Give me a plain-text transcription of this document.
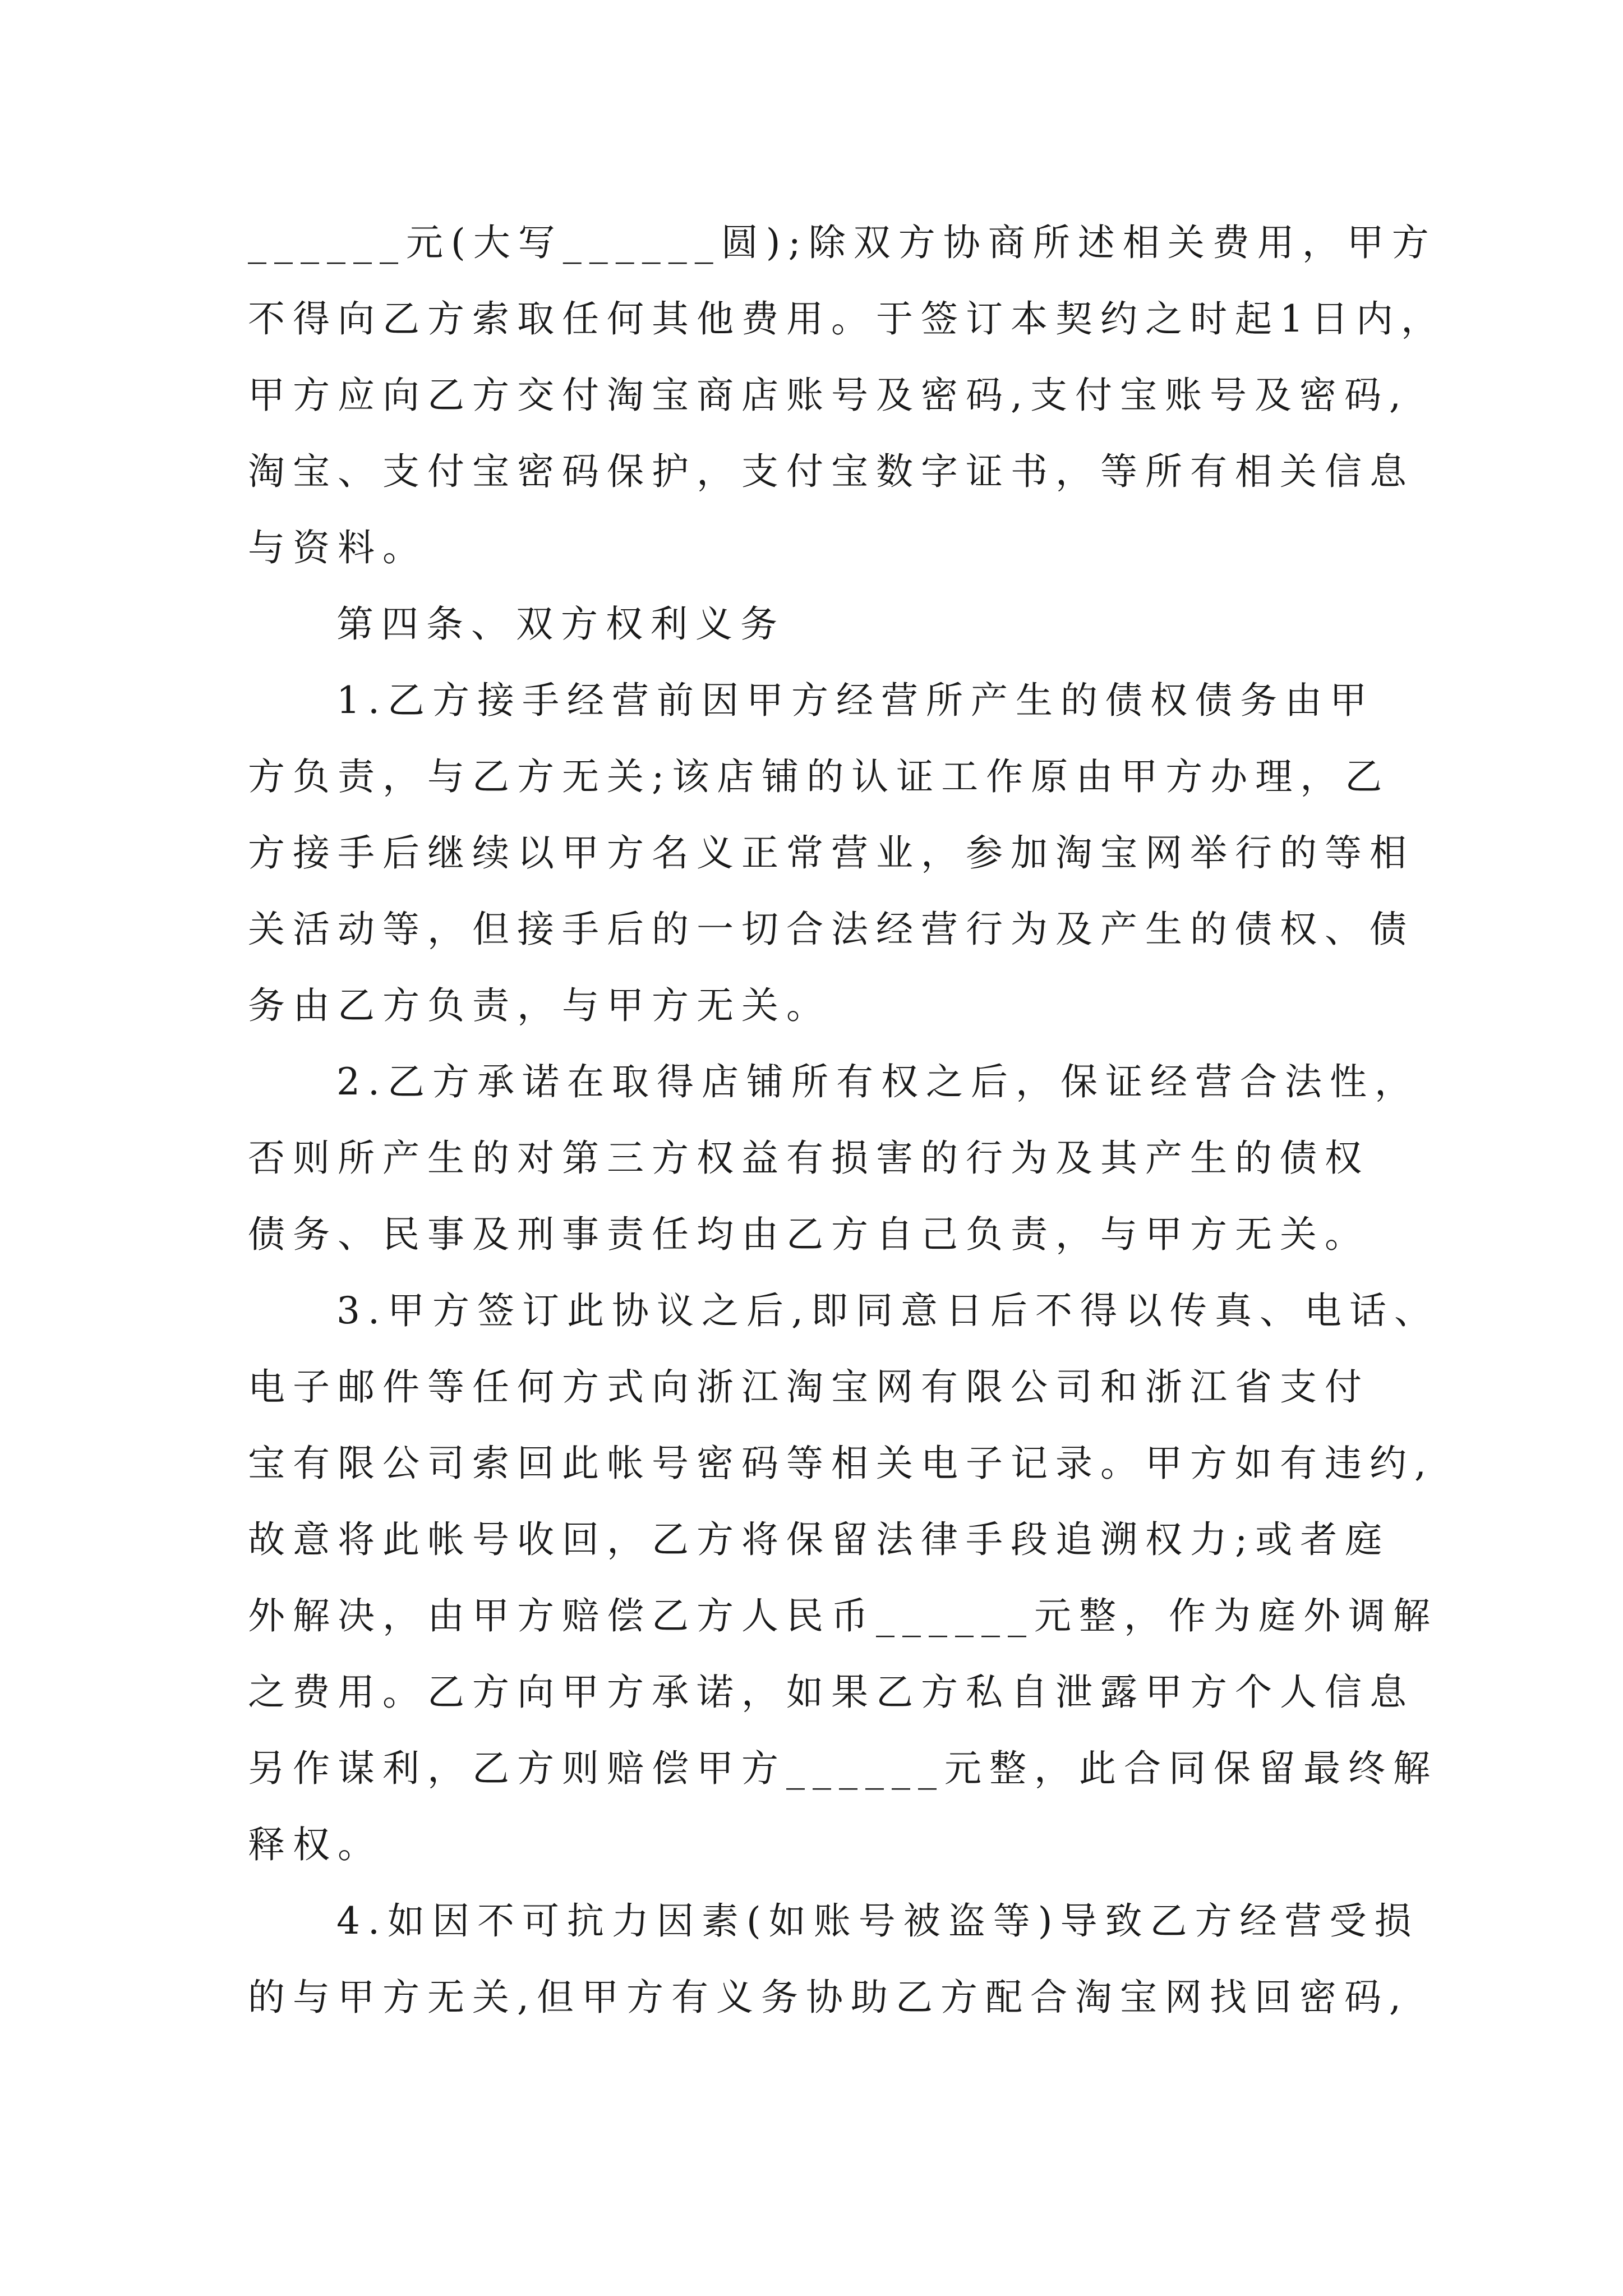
______元(大写______圆);除双方协商所述相关费用，甲方
不得向乙方索取任何其他费用。于签订本契约之时起1日内，
甲方应向乙方交付淘宝商店账号及密码,支付宝账号及密码,
淘宝、支付宝密码保护，支付宝数字证书，等所有相关信息
与资料。
第四条、双方权利义务
1.乙方接手经营前因甲方经营所产生的债权债务由甲
方负责，与乙方无关;该店铺的认证工作原由甲方办理，乙
方接手后继续以甲方名义正常营业，参加淘宝网举行的等相
关活动等，但接手后的一切合法经营行为及产生的债权、债
务由乙方负责，与甲方无关。
2.乙方承诺在取得店铺所有权之后，保证经营合法性，
否则所产生的对第三方权益有损害的行为及其产生的债权
债务、民事及刑事责任均由乙方自己负责，与甲方无关。
3.甲方签订此协议之后,即同意日后不得以传真、电话、
电子邮件等任何方式向浙江淘宝网有限公司和浙江省支付
宝有限公司索回此帐号密码等相关电子记录。甲方如有违约,
故意将此帐号收回，乙方将保留法律手段追溯权力;或者庭
外解决，由甲方赔偿乙方人民币______元整，作为庭外调解
之费用。乙方向甲方承诺，如果乙方私自泄露甲方个人信息
另作谋利，乙方则赔偿甲方______元整，此合同保留最终解
释权。
4.如因不可抗力因素(如账号被盗等)导致乙方经营受损
的与甲方无关,但甲方有义务协助乙方配合淘宝网找回密码,
